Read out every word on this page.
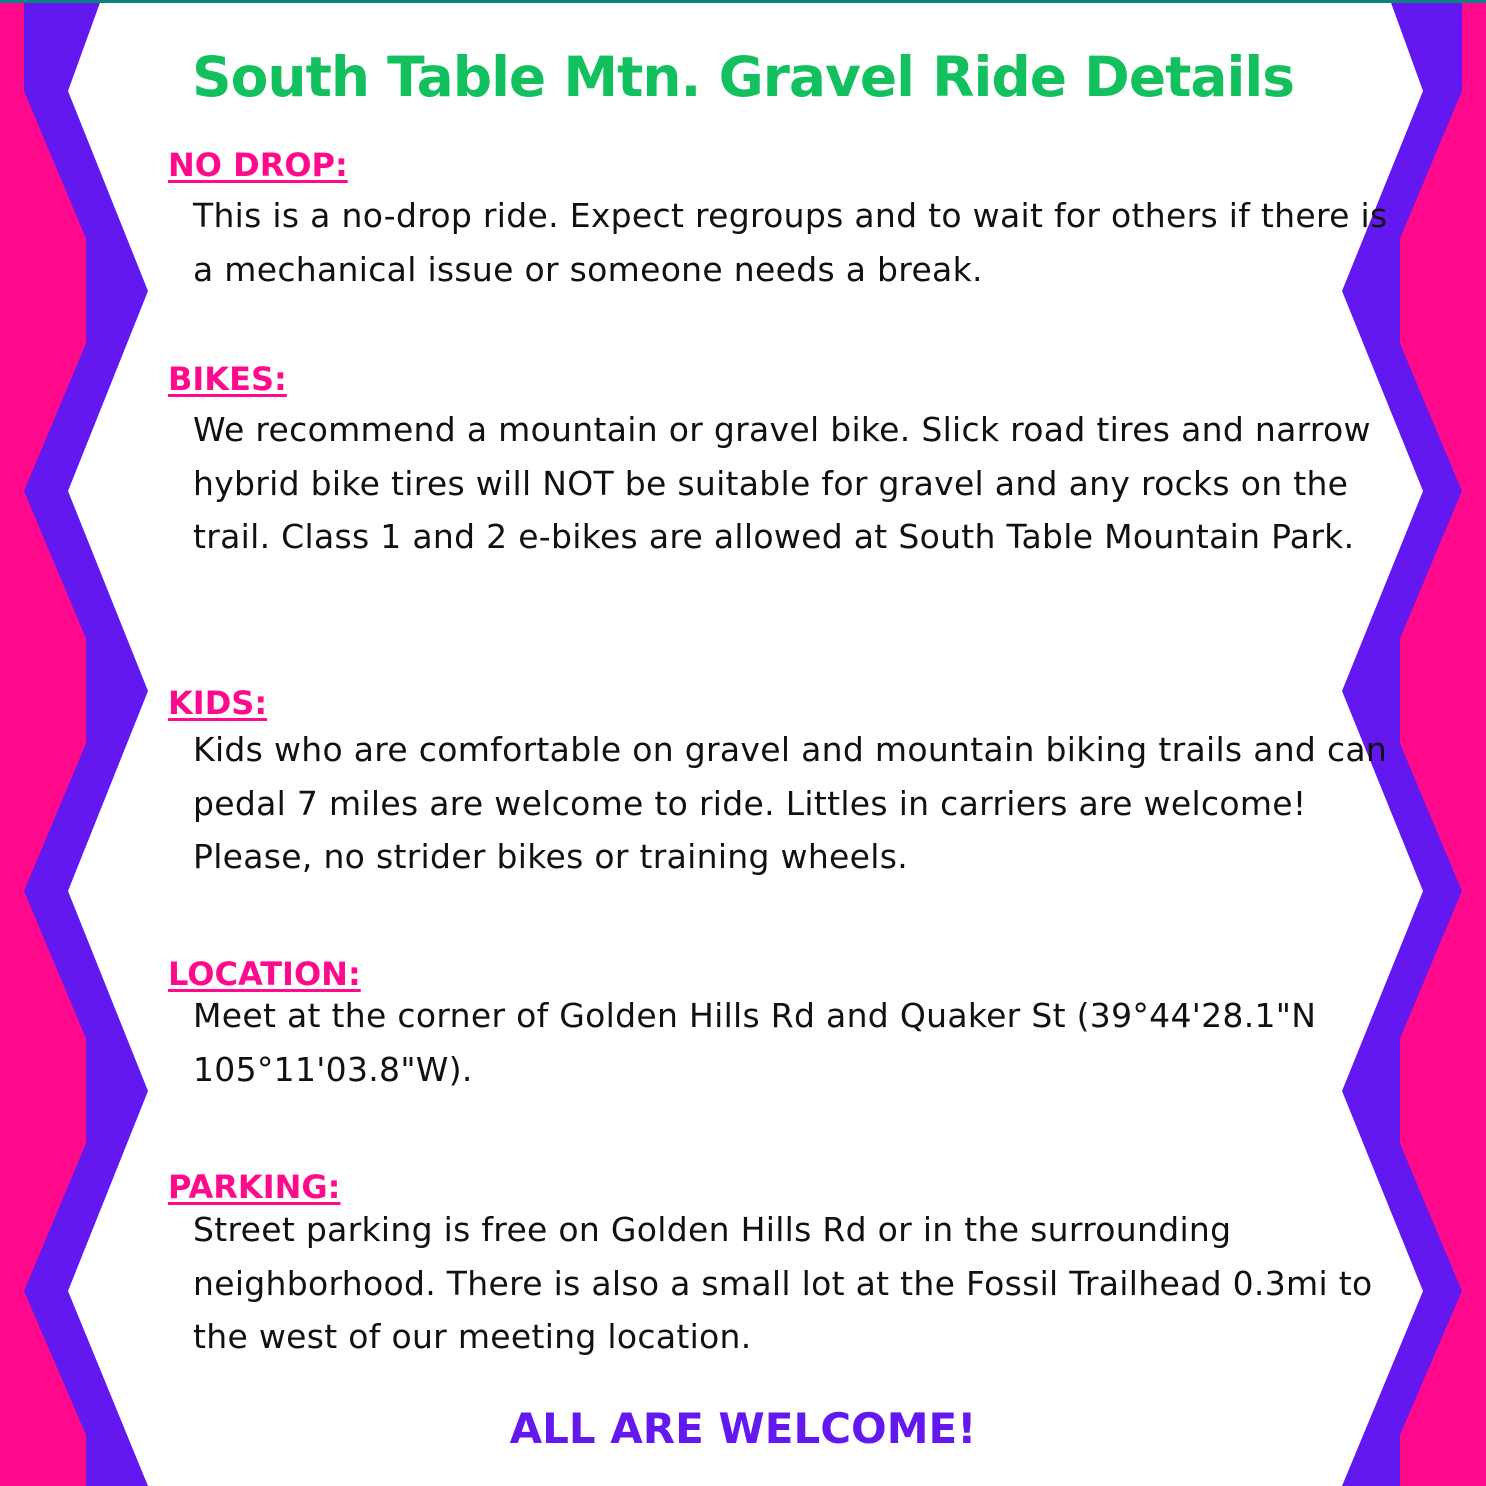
South Table Mtn. Gravel Ride Details
NO DROP:

This is a no-drop ride. Expect regroups and to wait for others if there is a mechanical issue or someone needs a break.

BIKES:

We recommend a mountain or gravel bike. Slick road tires and narrow hybrid bike tires will NOT be suitable for gravel and any rocks on the trail. Class 1 and 2 e-bikes are allowed at South Table Mountain Park.

KIDS:

Kids who are comfortable on gravel and mountain biking trails and can pedal 7 miles are welcome to ride. Littles in carriers are welcome! Please, no strider bikes or training wheels.

LOCATION:

Meet at the corner of Golden Hills Rd and Quaker St (39°44'28.1"N 105°11'03.8"W).

PARKING:

Street parking is free on Golden Hills Rd or in the surrounding neighborhood. There is also a small lot at the Fossil Trailhead 0.3mi to the west of our meeting location.

ALL ARE WELCOME!
